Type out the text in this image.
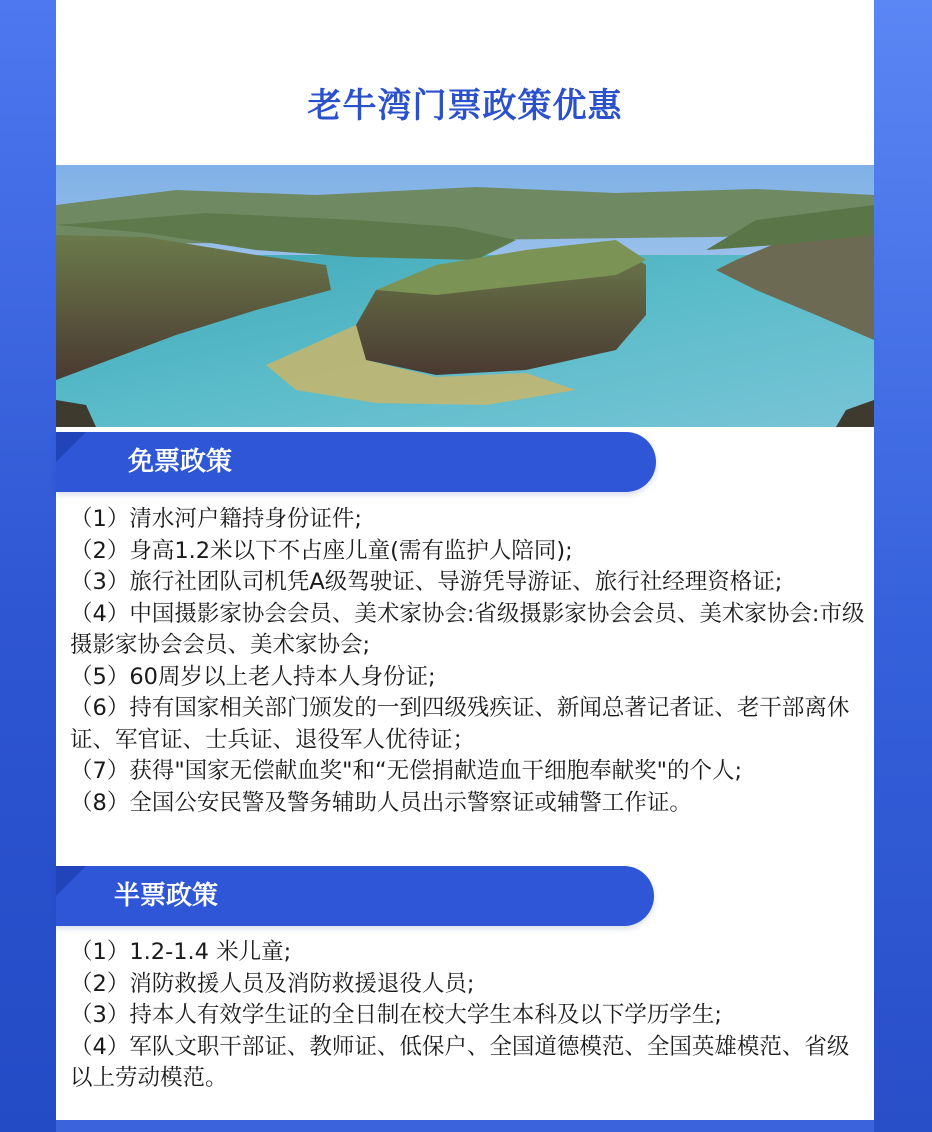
老牛湾门票政策优惠
免票政策
（1）清水河户籍持身份证件;
（2）身高1.2米以下不占座儿童(需有监护人陪同);
（3）旅行社团队司机凭A级驾驶证、导游凭导游证、旅行社经理资格证;
（4）中国摄影家协会会员、美术家协会:省级摄影家协会会员、美术家协会:市级摄影家协会会员、美术家协会;
（5）60周岁以上老人持本人身份证;
（6）持有国家相关部门颁发的一到四级残疾证、新闻总著记者证、老干部离休证、军官证、士兵证、退役军人优待证；
（7）获得"国家无偿献血奖"和“无偿捐献造血干细胞奉献奖"的个人;
（8）全国公安民警及警务辅助人员出示警察证或辅警工作证。
半票政策
（1）1.2-1.4 米儿童;
（2）消防救援人员及消防救援退役人员;
（3）持本人有效学生证的全日制在校大学生本科及以下学历学生;
（4）军队文职干部证、教师证、低保户、全国道德模范、全国英雄模范、省级以上劳动模范。
